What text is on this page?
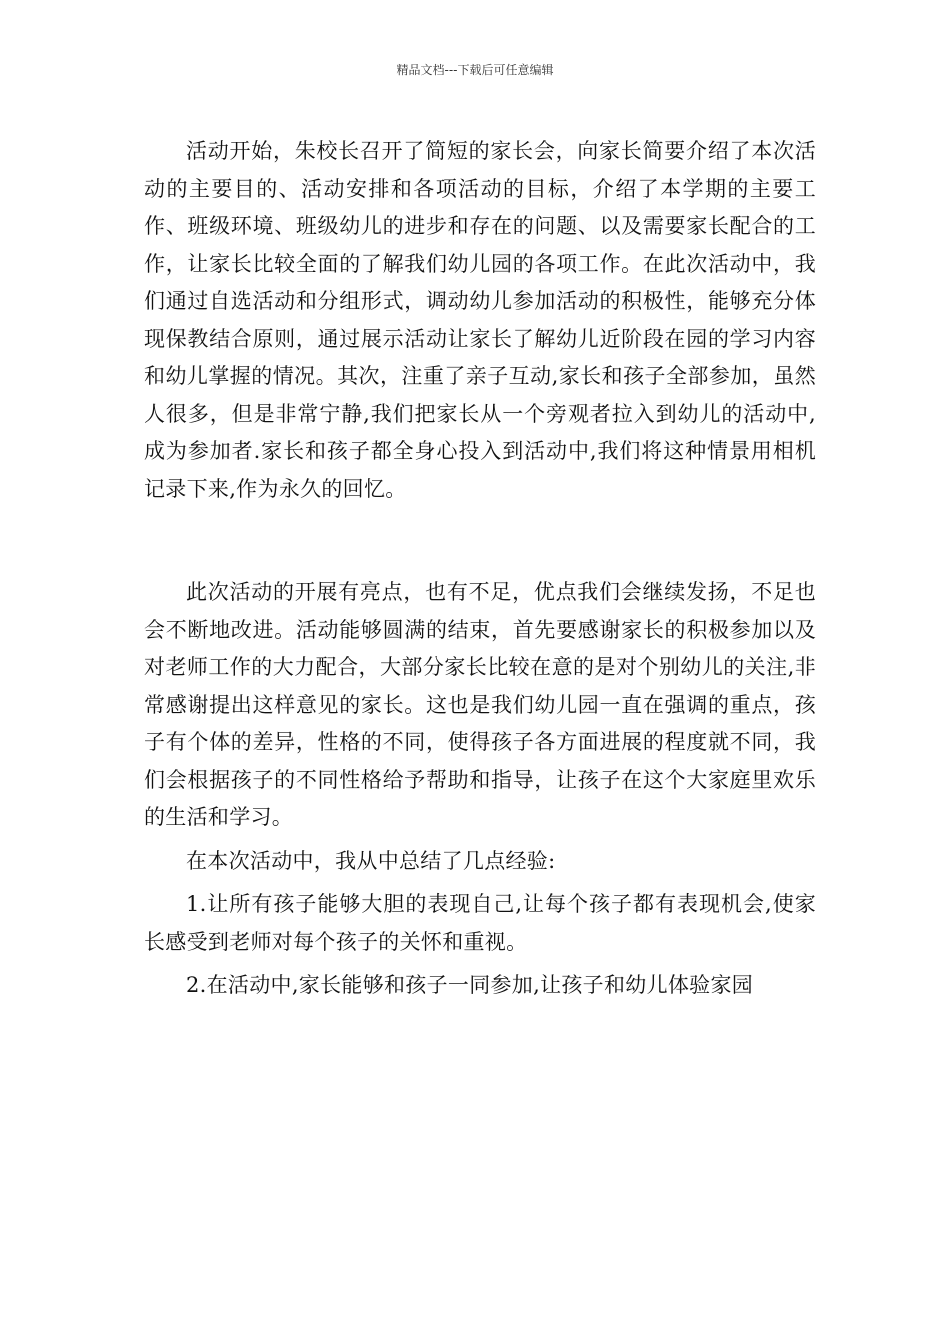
精品文档---下载后可任意编辑

活动开始，朱校长召开了简短的家长会，向家长简要介绍了本次活动的主要目的、活动安排和各项活动的目标，介绍了本学期的主要工作、班级环境、班级幼儿的进步和存在的问题、以及需要家长配合的工作，让家长比较全面的了解我们幼儿园的各项工作。在此次活动中，我们通过自选活动和分组形式，调动幼儿参加活动的积极性，能够充分体现保教结合原则，通过展示活动让家长了解幼儿近阶段在园的学习内容和幼儿掌握的情况。其次，注重了亲子互动,家长和孩子全部参加，虽然人很多，但是非常宁静,我们把家长从一个旁观者拉入到幼儿的活动中,成为参加者.家长和孩子都全身心投入到活动中,我们将这种情景用相机记录下来,作为永久的回忆。

此次活动的开展有亮点，也有不足，优点我们会继续发扬，不足也会不断地改进。活动能够圆满的结束，首先要感谢家长的积极参加以及对老师工作的大力配合，大部分家长比较在意的是对个别幼儿的关注,非常感谢提出这样意见的家长。这也是我们幼儿园一直在强调的重点，孩子有个体的差异，性格的不同，使得孩子各方面进展的程度就不同，我们会根据孩子的不同性格给予帮助和指导，让孩子在这个大家庭里欢乐的生活和学习。

在本次活动中，我从中总结了几点经验:

1.让所有孩子能够大胆的表现自己,让每个孩子都有表现机会,使家长感受到老师对每个孩子的关怀和重视。

2.在活动中,家长能够和孩子一同参加,让孩子和幼儿体验家园
